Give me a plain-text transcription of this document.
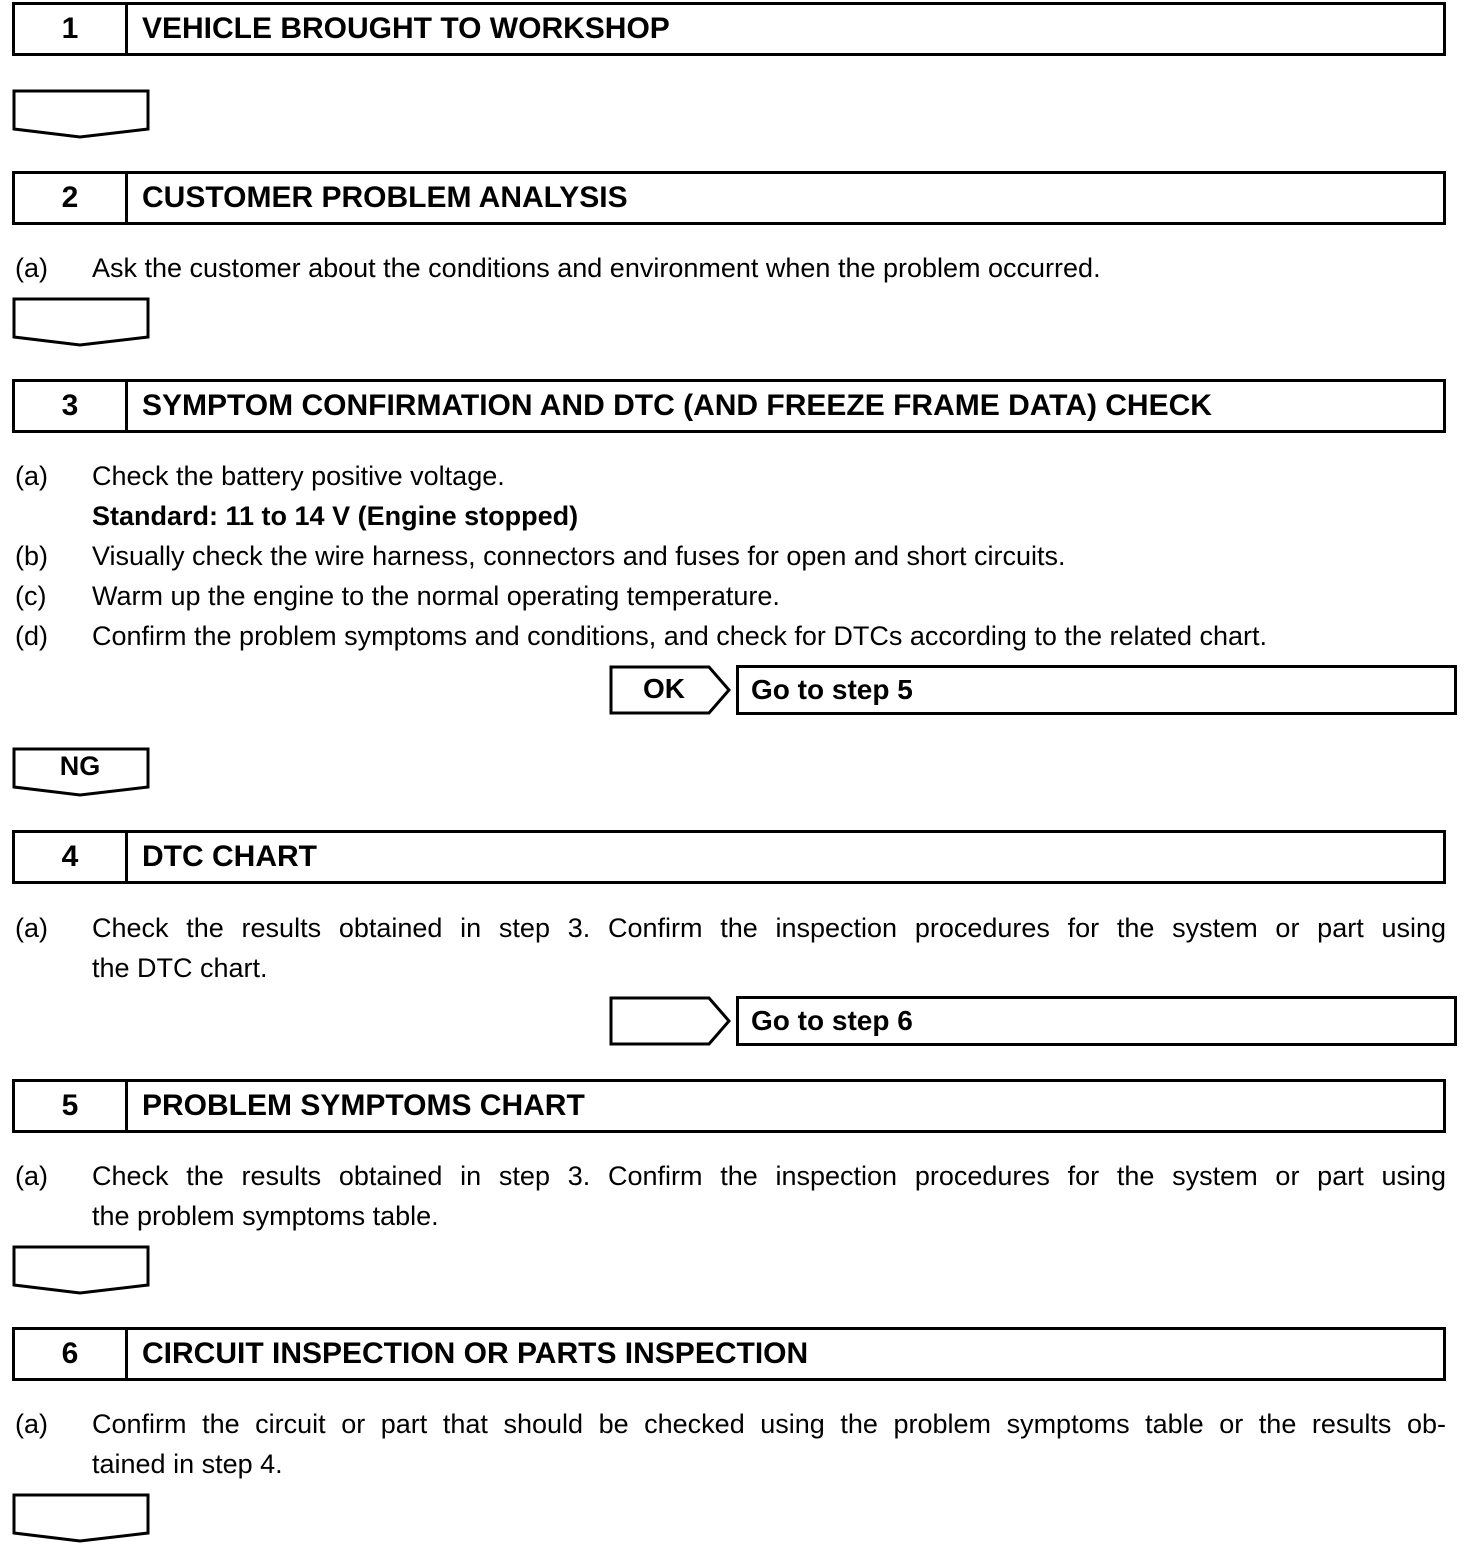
1	VEHICLE BROUGHT TO WORKSHOP
2	CUSTOMER PROBLEM ANALYSIS
(a) Ask the customer about the conditions and environment when the problem occurred.
3	SYMPTOM CONFIRMATION AND DTC (AND FREEZE FRAME DATA) CHECK
(a) Check the battery positive voltage.
Standard: 11 to 14 V (Engine stopped)
(b) Visually check the wire harness, connectors and fuses for open and short circuits.
(c) Warm up the engine to the normal operating temperature.
(d) Confirm the problem symptoms and conditions, and check for DTCs according to the related chart.
OK	Go to step 5
NG
4	DTC CHART
(a) Check the results obtained in step 3. Confirm the inspection procedures for the system or part using
the DTC chart.
Go to step 6
5	PROBLEM SYMPTOMS CHART
(a) Check the results obtained in step 3. Confirm the inspection procedures for the system or part using
the problem symptoms table.
6	CIRCUIT INSPECTION OR PARTS INSPECTION
(a) Confirm the circuit or part that should be checked using the problem symptoms table or the results ob-
tained in step 4.
